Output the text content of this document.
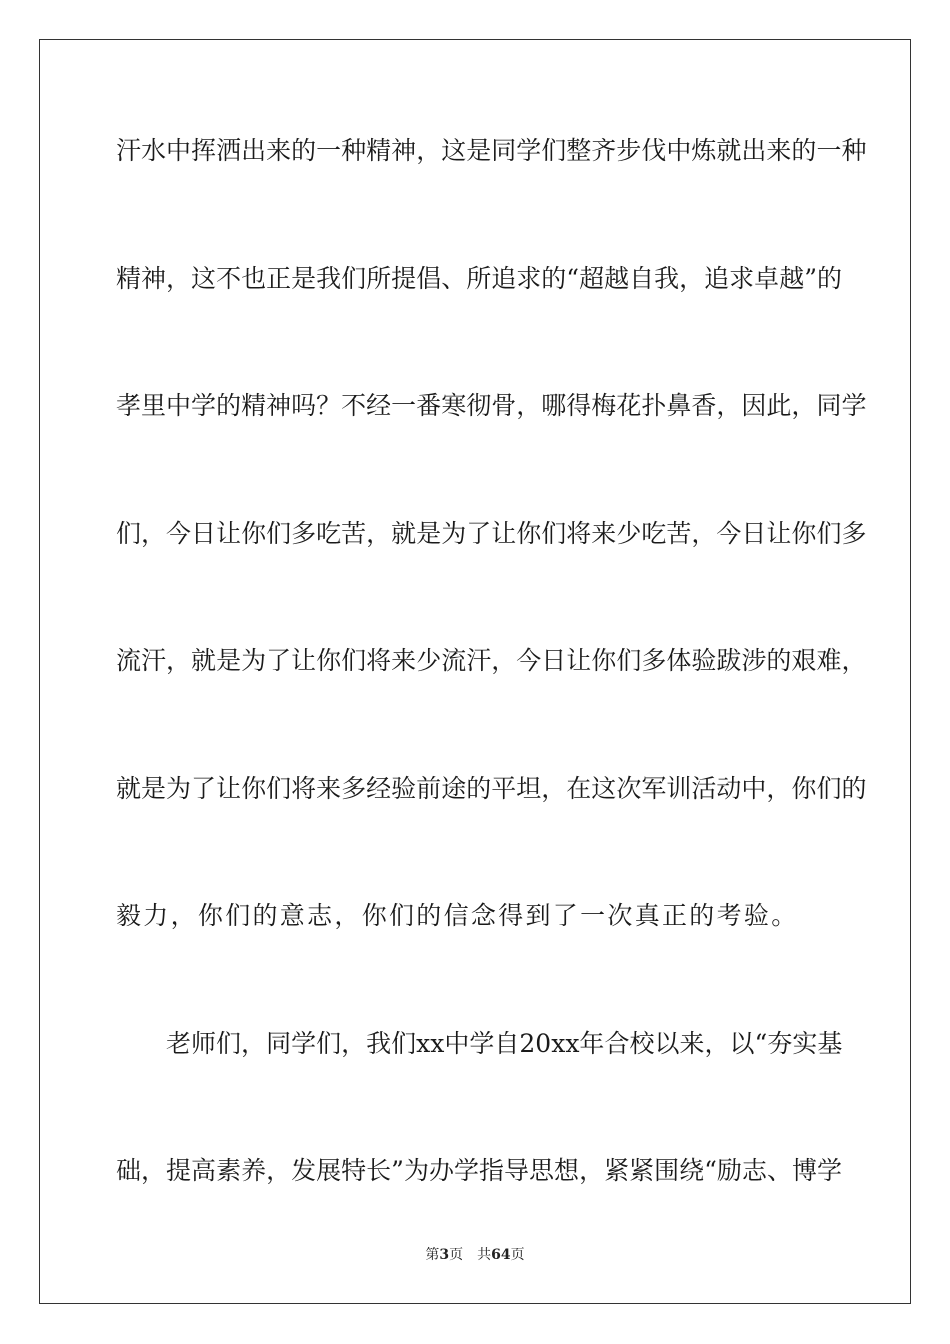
汗 水 中 挥 洒 出 来 的 一 种 精 神 ， 这 是 同 学 们 整 齐 步 伐 中 炼 就 出 来 的 一 种
精 神 ， 这 不 也 正 是 我 们 所 提 倡 、 所 追 求 的 “ 超 越 自 我 ， 追 求 卓 越 ” 的
孝 里 中 学 的 精 神 吗 ？ 不 经 一 番 寒 彻 骨 ， 哪 得 梅 花 扑 鼻 香 ， 因 此 ， 同 学
们 ， 今 日 让 你 们 多 吃 苦 ， 就 是 为 了 让 你 们 将 来 少 吃 苦 ， 今 日 让 你 们 多
流 汗 ， 就 是 为 了 让 你 们 将 来 少 流 汗 ， 今 日 让 你 们 多 体 验 跋 涉 的 艰 难 ，
就 是 为 了 让 你 们 将 来 多 经 验 前 途 的 平 坦 ， 在 这 次 军 训 活 动 中 ， 你 们 的
毅力，你们的意志，你们的信念得到了一次真正的考验。
老 师 们 ， 同 学 们 ， 我 们 xx 中 学 自 20xx 年 合 校 以 来 ， 以 “ 夯 实 基
础 ， 提 高 素 养 ， 发 展 特 长 ” 为 办 学 指 导 思 想 ， 紧 紧 围 绕 “ 励 志 、 博 学
第3页 共64页
